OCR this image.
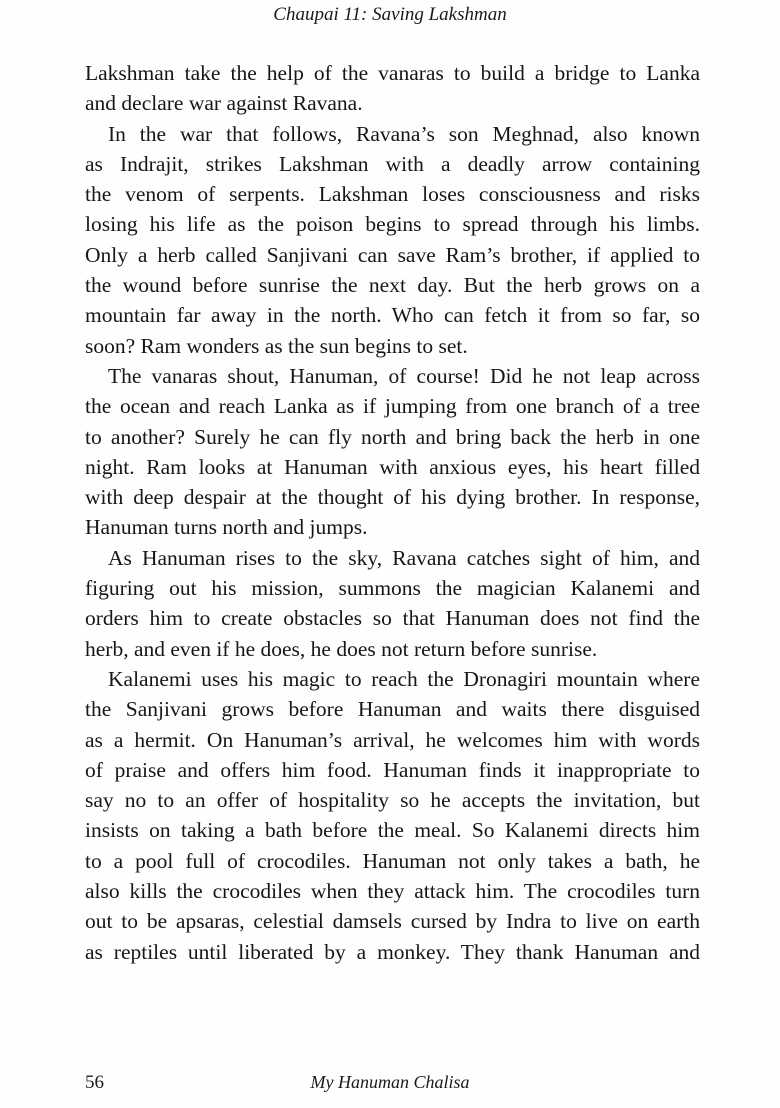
Chaupai 11: Saving Lakshman
Lakshman take the help of the vanaras to build a bridge to Lanka
and declare war against Ravana.
In the war that follows, Ravana’s son Meghnad, also known
as Indrajit, strikes Lakshman with a deadly arrow containing
the venom of serpents. Lakshman loses consciousness and risks
losing his life as the poison begins to spread through his limbs.
Only a herb called Sanjivani can save Ram’s brother, if applied to
the wound before sunrise the next day. But the herb grows on a
mountain far away in the north. Who can fetch it from so far, so
soon? Ram wonders as the sun begins to set.
The vanaras shout, Hanuman, of course! Did he not leap across
the ocean and reach Lanka as if jumping from one branch of a tree
to another? Surely he can fly north and bring back the herb in one
night. Ram looks at Hanuman with anxious eyes, his heart filled
with deep despair at the thought of his dying brother. In response,
Hanuman turns north and jumps.
As Hanuman rises to the sky, Ravana catches sight of him, and
figuring out his mission, summons the magician Kalanemi and
orders him to create obstacles so that Hanuman does not find the
herb, and even if he does, he does not return before sunrise.
Kalanemi uses his magic to reach the Dronagiri mountain where
the Sanjivani grows before Hanuman and waits there disguised
as a hermit. On Hanuman’s arrival, he welcomes him with words
of praise and offers him food. Hanuman finds it inappropriate to
say no to an offer of hospitality so he accepts the invitation, but
insists on taking a bath before the meal. So Kalanemi directs him
to a pool full of crocodiles. Hanuman not only takes a bath, he
also kills the crocodiles when they attack him. The crocodiles turn
out to be apsaras, celestial damsels cursed by Indra to live on earth
as reptiles until liberated by a monkey. They thank Hanuman and
56	My Hanuman Chalisa
